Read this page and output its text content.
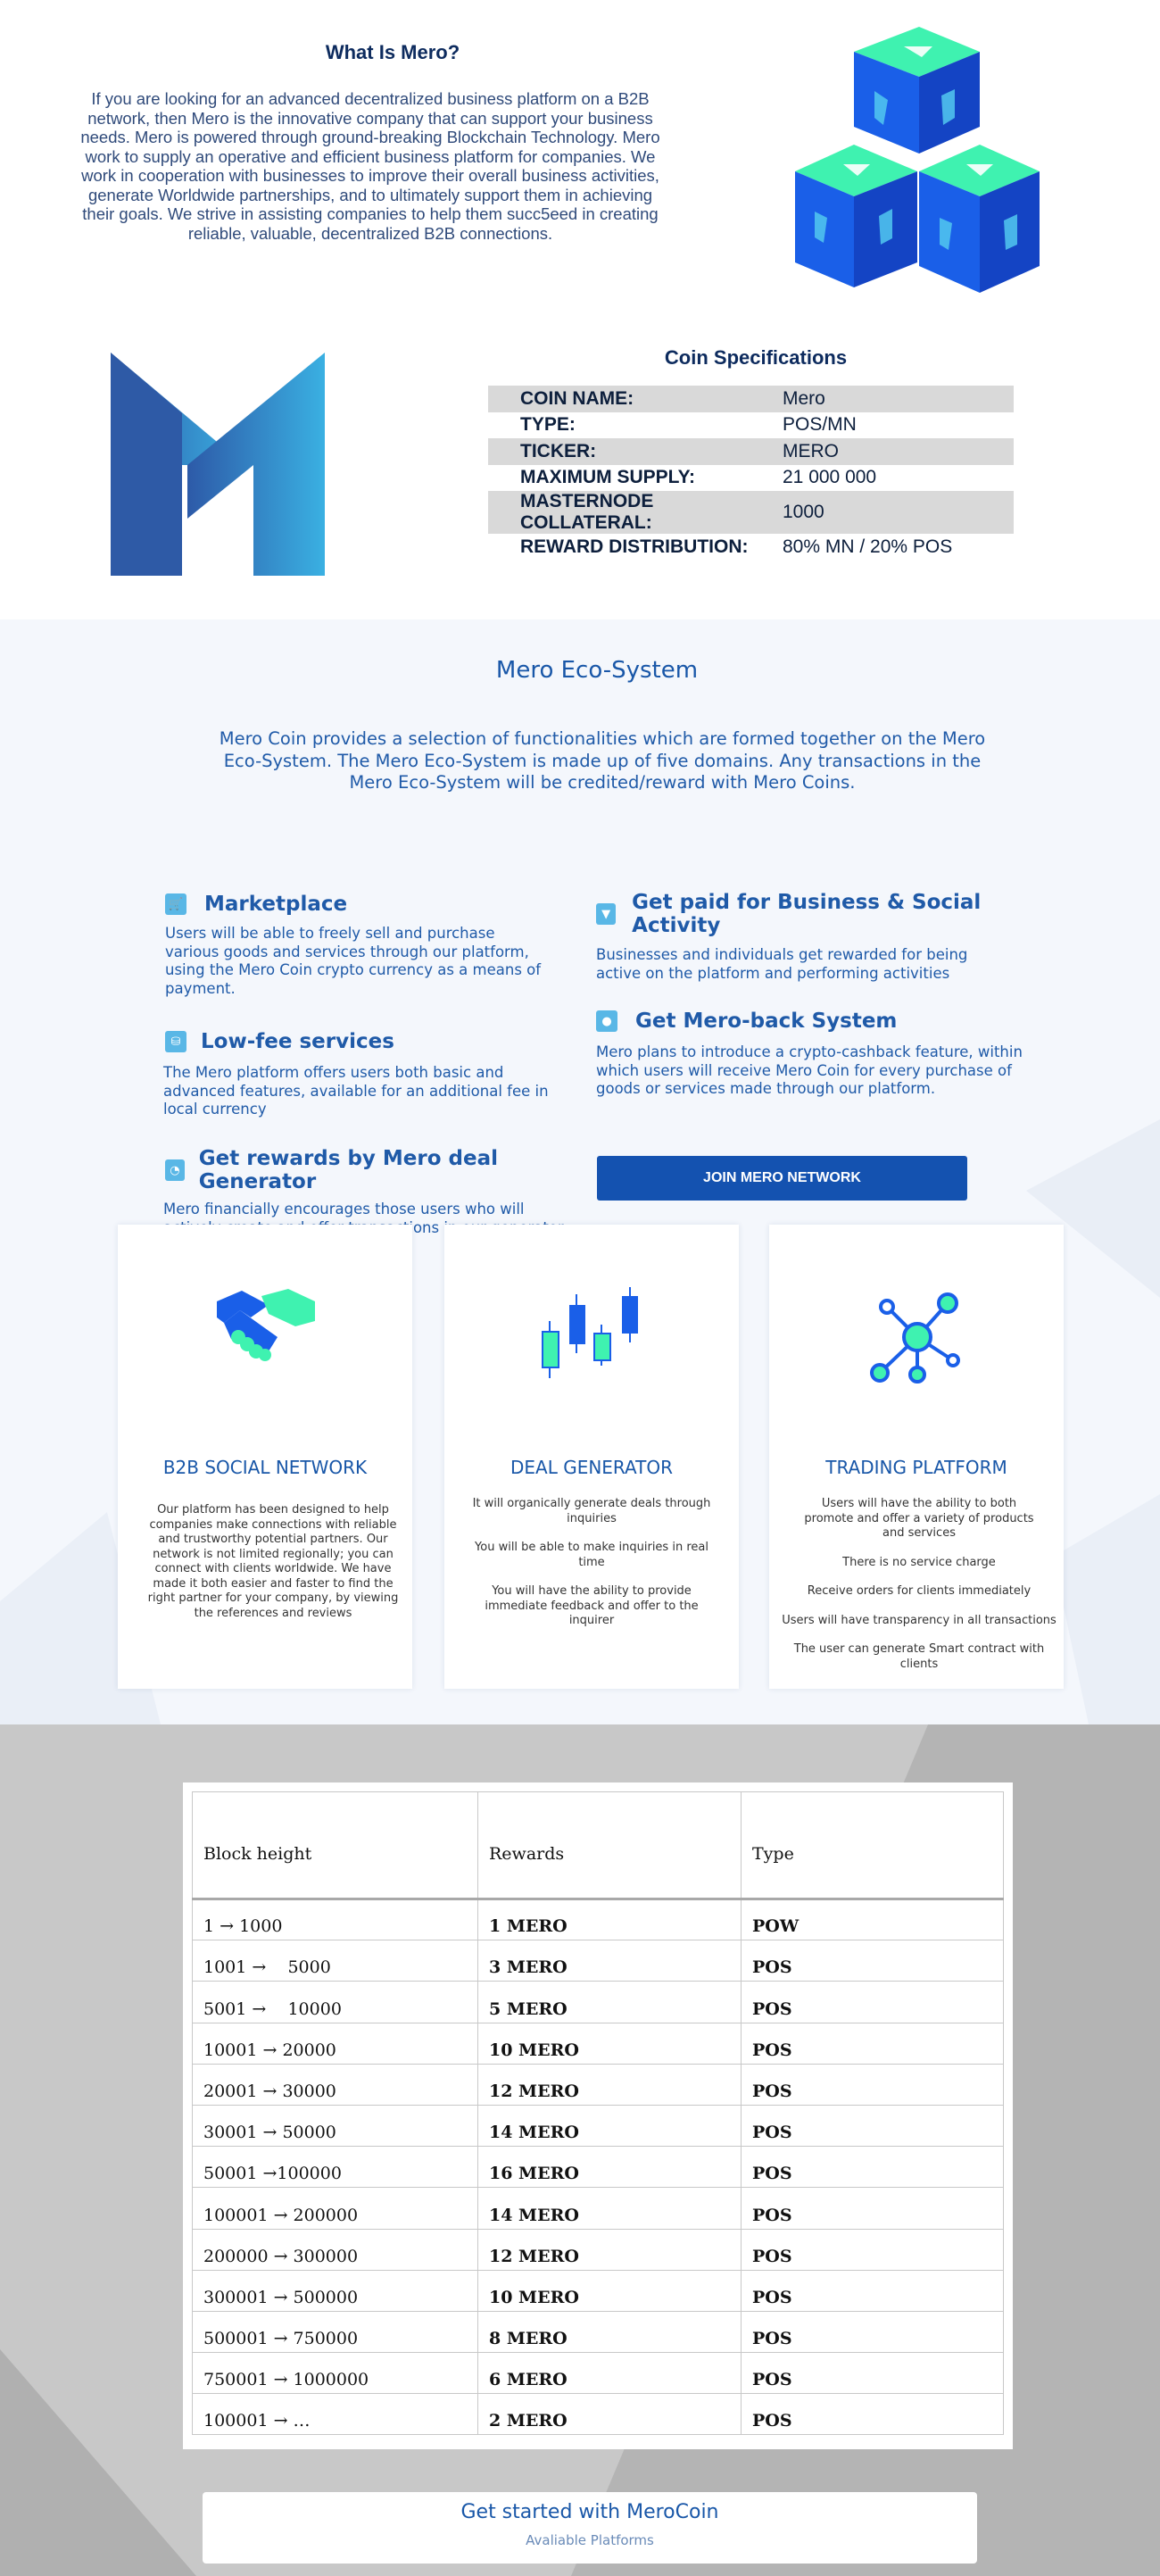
What Is Mero?
If you are looking for an advanced decentralized business platform on a B2B network, then Mero is the innovative company that can support your business needs. Mero is powered through ground-breaking Blockchain Technology. Mero work to supply an operative and efficient business platform for companies. We work in cooperation with businesses to improve their overall business activities, generate Worldwide partnerships, and to ultimately support them in achieving their goals. We strive in assisting companies to help them succ5eed in creating reliable, valuable, decentralized B2B connections.
Coin Specifications
COIN NAME:	Mero
TYPE:	POS/MN
TICKER:	MERO
MAXIMUM SUPPLY:	21 000 000
MASTERNODE COLLATERAL:	1000
REWARD DISTRIBUTION:	80% MN / 20% POS
Mero Eco-System
Mero Coin provides a selection of functionalities which are formed together on the Mero Eco-System. The Mero Eco-System is made up of five domains. Any transactions in the Mero Eco-System will be credited/reward with Mero Coins.
🛒 Marketplace
Users will be able to freely sell and purchase various goods and services through our platform, using the Mero Coin crypto currency as a means of payment.
▼ Get paid for Business & Social Activity
Businesses and individuals get rewarded for being active on the platform and performing activities
⛁ Low-fee services
The Mero platform offers users both basic and advanced features, available for an additional fee in local currency
● Get Mero-back System
Mero plans to introduce a crypto-cashback feature, within which users will receive Mero Coin for every purchase of goods or services made through our platform.
◔ Get rewards by Mero deal Generator
Mero financially encourages those users who will
JOIN MERO NETWORK
B2B SOCIAL NETWORK

Our platform has been designed to help companies make connections with reliable and trustworthy potential partners. Our network is not limited regionally; you can connect with clients worldwide. We have made it both easier and faster to find the right partner for your company, by viewing the references and reviews

DEAL GENERATOR

It will organically generate deals through inquiries

You will be able to make inquiries in real time

You will have the ability to provide immediate feedback and offer to the inquirer

TRADING PLATFORM

Users will have the ability to both promote and offer a variety of products and services

There is no service charge

Receive orders for clients immediately

Users will have transparency in all transactions

The user can generate Smart contract with clients

Block height	Rewards	Type
1 → 1000	1 MERO	POW
1001 →    5000	3 MERO	POS
5001 →    10000	5 MERO	POS
10001 → 20000	10 MERO	POS
20001 → 30000	12 MERO	POS
30001 → 50000	14 MERO	POS
50001 →100000	16 MERO	POS
100001 → 200000	14 MERO	POS
200000 → 300000	12 MERO	POS
300001 → 500000	10 MERO	POS
500001 → 750000	8 MERO	POS
750001 → 1000000	6 MERO	POS
100001 → …	2 MERO	POS
Get started with MeroCoin
Avaliable Platforms
